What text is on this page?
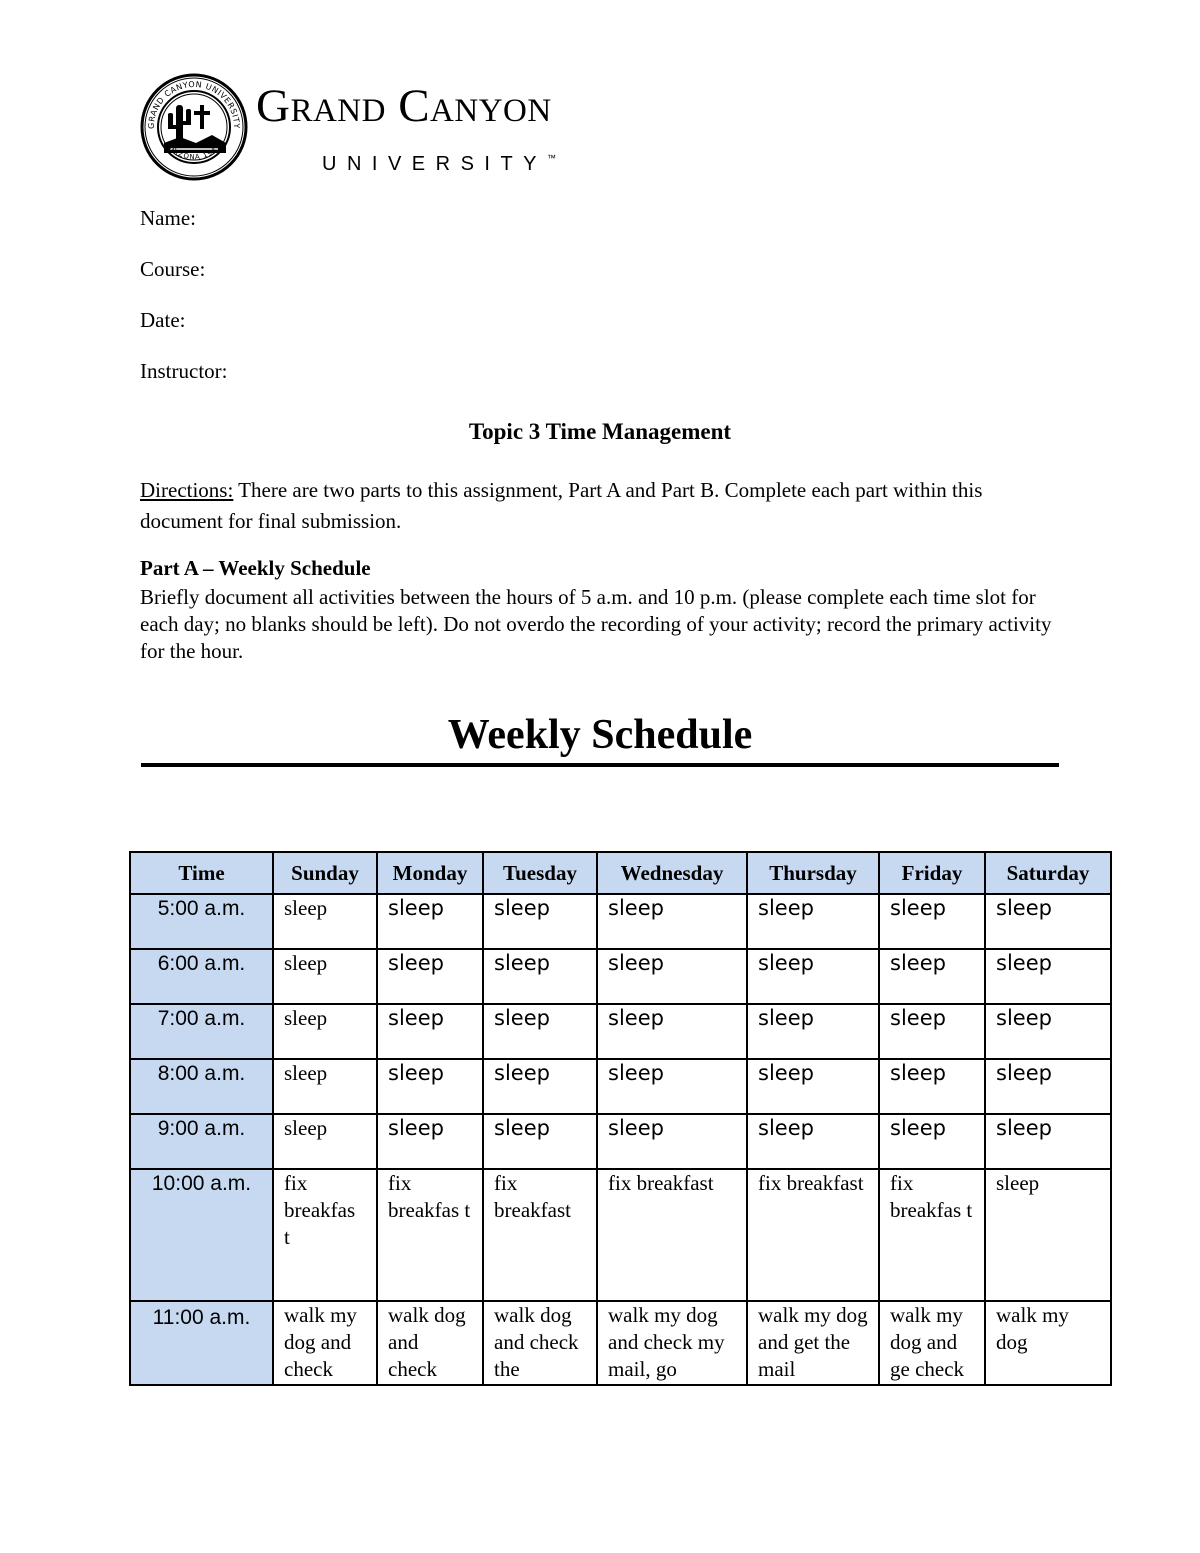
GRAND CANYON UNIVERSITY
ARIZONA 1949
Grand Canyon
UNIVERSITY™
Name:
Course:
Date:
Instructor:
Topic 3 Time Management
Directions: There are two parts to this assignment, Part A and Part B. Complete each part within this document for final submission.
Part A – Weekly Schedule
Briefly document all activities between the hours of 5 a.m. and 10 p.m. (please complete each time slot for each day; no blanks should be left). Do not overdo the recording of your activity; record the primary activity for the hour.
Weekly Schedule
Time	Sunday	Monday	Tuesday	Wednesday	Thursday	Friday	Saturday
5:00 a.m.	sleep	sleep	sleep	sleep	sleep	sleep	sleep
6:00 a.m.	sleep	sleep	sleep	sleep	sleep	sleep	sleep
7:00 a.m.	sleep	sleep	sleep	sleep	sleep	sleep	sleep
8:00 a.m.	sleep	sleep	sleep	sleep	sleep	sleep	sleep
9:00 a.m.	sleep	sleep	sleep	sleep	sleep	sleep	sleep
10:00 a.m.	fix breakfas t	fix breakfas t	fix breakfast	fix breakfast	fix breakfast	fix breakfas t	sleep
11:00 a.m.	walk my dog and check	walk dog and check	walk dog and check the	walk my dog and check my mail, go	walk my dog and get the mail	walk my dog and ge check	walk my dog
